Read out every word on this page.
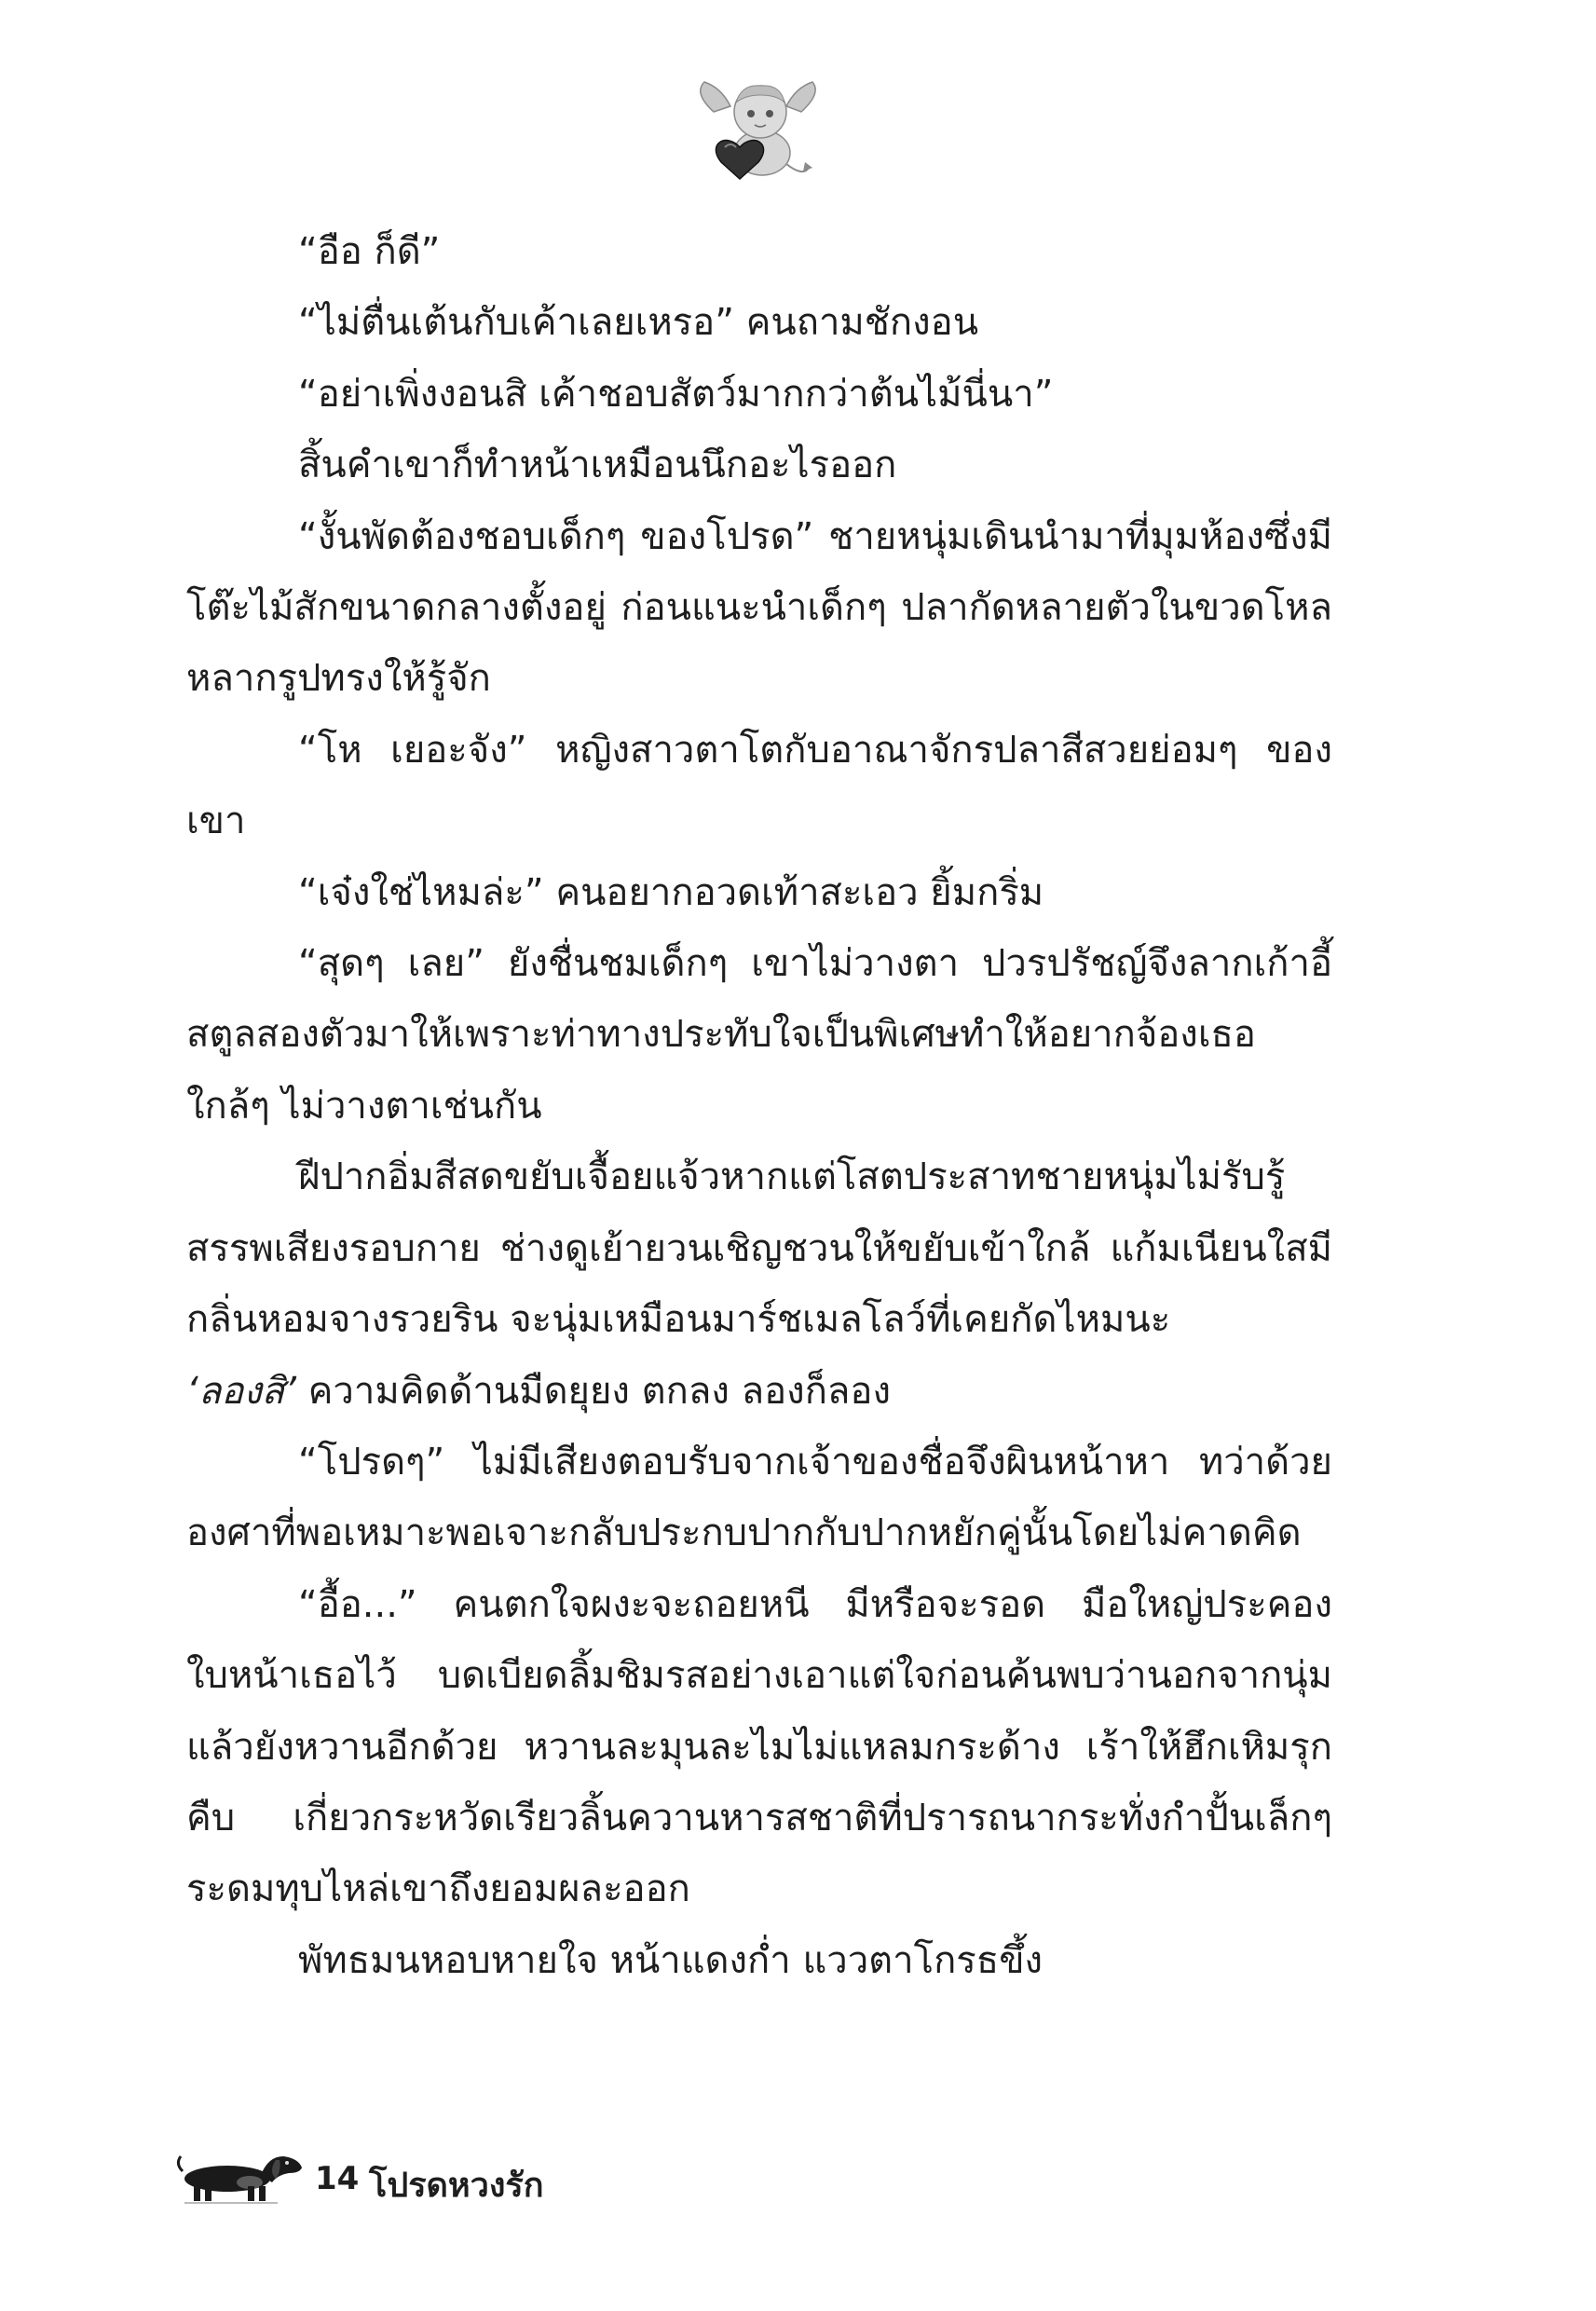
“อือ ก็ดี”

“ไม่ตื่นเต้นกับเค้าเลยเหรอ” คนถามชักงอน

“อย่าเพิ่งงอนสิ เค้าชอบสัตว์มากกว่าต้นไม้นี่นา”

สิ้นคำเขาก็ทำหน้าเหมือนนึกอะไรออก

“งั้นพัดต้องชอบเด็กๆ ของโปรด” ชายหนุ่มเดินนำมาที่มุมห้องซึ่งมีโต๊ะไม้สักขนาดกลางตั้งอยู่ ก่อนแนะนำเด็กๆ ปลากัดหลายตัวในขวดโหลหลากรูปทรงให้รู้จัก

“โห เยอะจัง” หญิงสาวตาโตกับอาณาจักรปลาสีสวยย่อมๆ ของเขา

“เจ๋งใช่ไหมล่ะ” คนอยากอวดเท้าสะเอว ยิ้มกริ่ม

“สุดๆ เลย” ยังชื่นชมเด็กๆ เขาไม่วางตา ปวรปรัชญ์จึงลากเก้าอี้สตูลสองตัวมาให้เพราะท่าทางประทับใจเป็นพิเศษทำให้อยากจ้องเธอใกล้ๆ ไม่วางตาเช่นกัน

ฝีปากอิ่มสีสดขยับเจื้อยแจ้วหากแต่โสตประสาทชายหนุ่มไม่รับรู้สรรพเสียงรอบกาย ช่างดูเย้ายวนเชิญชวนให้ขยับเข้าใกล้ แก้มเนียนใสมีกลิ่นหอมจางรวยริน จะนุ่มเหมือนมาร์ชเมลโลว์ที่เคยกัดไหมนะ

‘ลองสิ’ ความคิดด้านมืดยุยง ตกลง ลองก็ลอง

“โปรดๆ” ไม่มีเสียงตอบรับจากเจ้าของชื่อจึงผินหน้าหา ทว่าด้วยองศาที่พอเหมาะพอเจาะกลับประกบปากกับปากหยักคู่นั้นโดยไม่คาดคิด

“อื้อ...” คนตกใจผงะจะถอยหนี มีหรือจะรอด มือใหญ่ประคองใบหน้าเธอไว้ บดเบียดลิ้มชิมรสอย่างเอาแต่ใจก่อนค้นพบว่านอกจากนุ่มแล้วยังหวานอีกด้วย หวานละมุนละไมไม่แหลมกระด้าง เร้าให้ฮึกเหิมรุกคืบ เกี่ยวกระหวัดเรียวลิ้นควานหารสชาติที่ปรารถนากระทั่งกำปั้นเล็กๆ ระดมทุบไหล่เขาถึงยอมผละออก

พัทธมนหอบหายใจ หน้าแดงก่ำ แววตาโกรธขึ้ง

14 โปรดหวงรัก
